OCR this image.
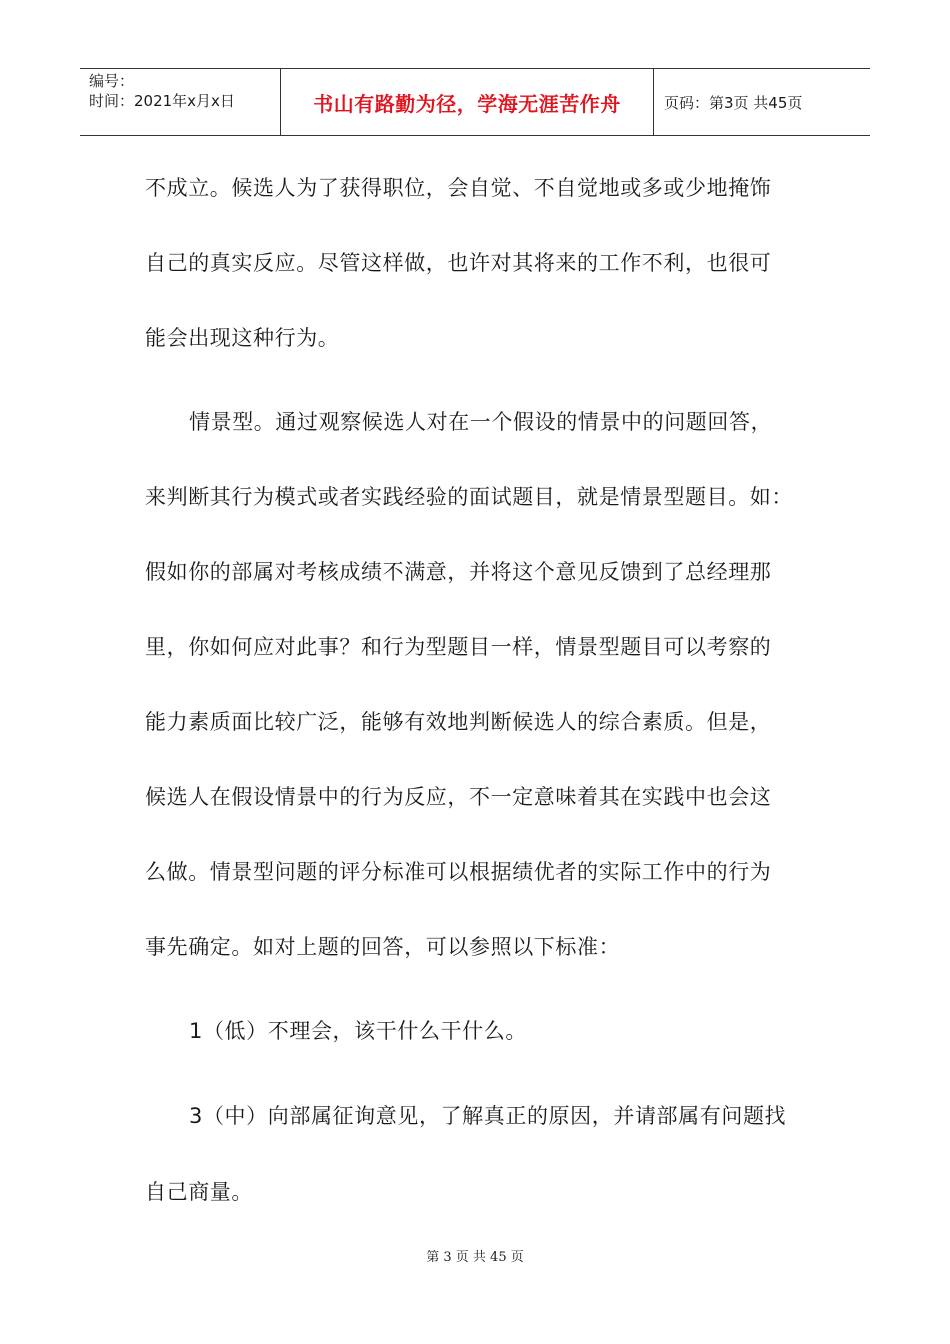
编号：
时间：2021年x月x日	书山有路勤为径，学海无涯苦作舟	页码：第3页 共45页
不成立。候选人为了获得职位，会自觉、不自觉地或多或少地掩饰
自己的真实反应。尽管这样做，也许对其将来的工作不利，也很可
能会出现这种行为。
情景型。通过观察候选人对在一个假设的情景中的问题回答，
来判断其行为模式或者实践经验的面试题目，就是情景型题目。如：
假如你的部属对考核成绩不满意，并将这个意见反馈到了总经理那
里，你如何应对此事？和行为型题目一样，情景型题目可以考察的
能力素质面比较广泛，能够有效地判断候选人的综合素质。但是，
候选人在假设情景中的行为反应，不一定意味着其在实践中也会这
么做。情景型问题的评分标准可以根据绩优者的实际工作中的行为
事先确定。如对上题的回答，可以参照以下标准：
1（低）不理会，该干什么干什么。
3（中）向部属征询意见，了解真正的原因，并请部属有问题找
自己商量。
第 3 页 共 45 页
